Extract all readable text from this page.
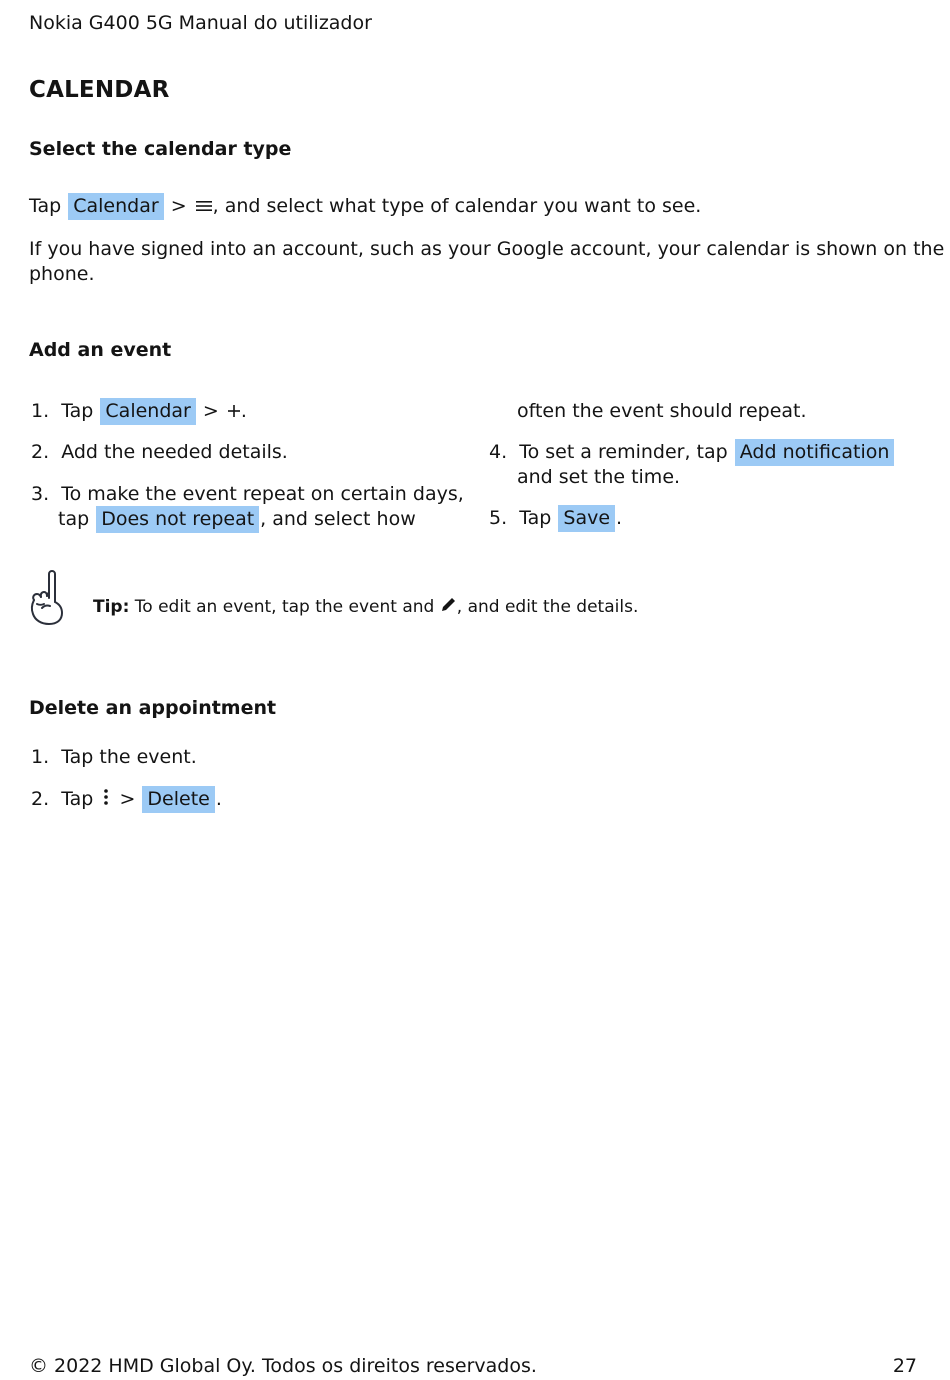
Nokia G400 5G Manual do utilizador
CALENDAR
Select the calendar type
Tap Calendar > , and select what type of calendar you want to see.
If you have signed into an account, such as your Google account, your calendar is shown on the
phone.
Add an event
1. Tap Calendar > .
2. Add the needed details.
3. To make the event repeat on certain days,
tap Does not repeat , and select how
often the event should repeat.
4. To set a reminder, tap Add notification
and set the time.
5. Tap Save .
Tip: To edit an event, tap the event and , and edit the details.
Delete an appointment
1. Tap the event.
2. Tap > Delete .
© 2022 HMD Global Oy. Todos os direitos reservados.	27
